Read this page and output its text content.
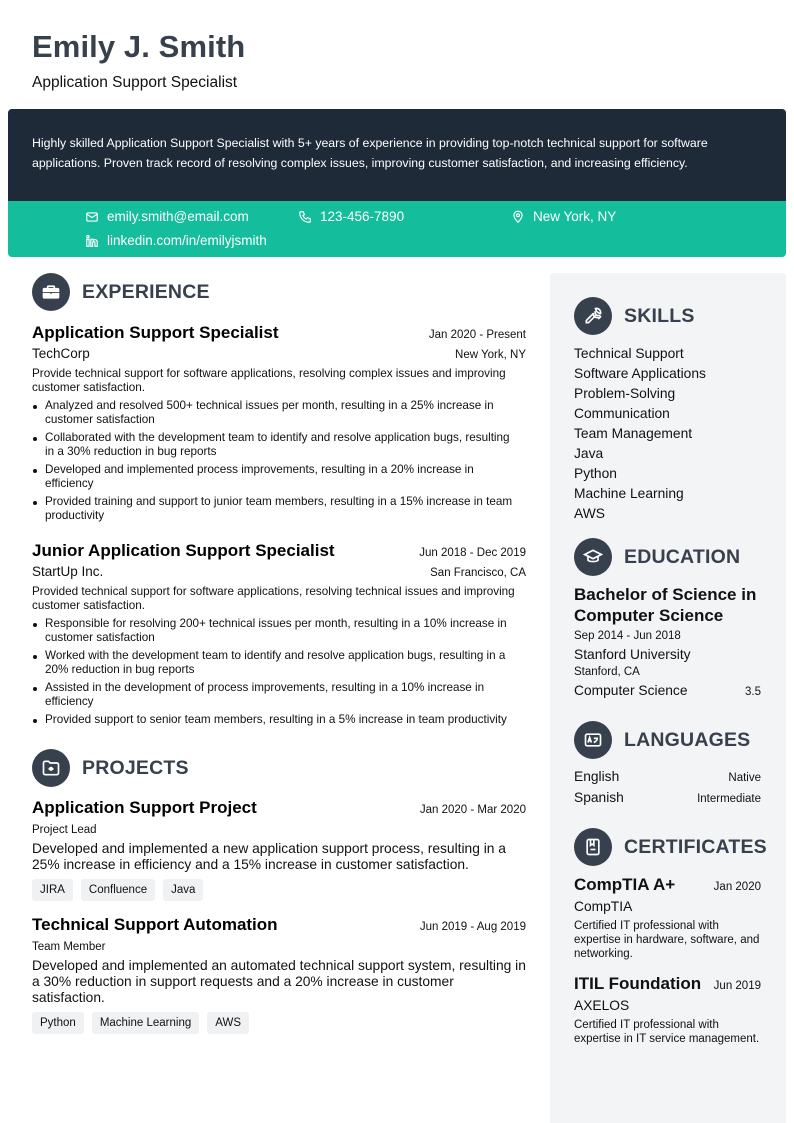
Emily J. Smith
Application Support Specialist
Highly skilled Application Support Specialist with 5+ years of experience in providing top-notch technical support for software applications. Proven track record of resolving complex issues, improving customer satisfaction, and increasing efficiency.
emily.smith@email.com	123-456-7890	New York, NY
linkedin.com/in/emilyjsmith
EXPERIENCE
Application Support Specialist	Jan 2020 - Present
TechCorp	New York, NY
Provide technical support for software applications, resolving complex issues and improving customer satisfaction.
Analyzed and resolved 500+ technical issues per month, resulting in a 25% increase in customer satisfaction
Collaborated with the development team to identify and resolve application bugs, resulting in a 30% reduction in bug reports
Developed and implemented process improvements, resulting in a 20% increase in efficiency
Provided training and support to junior team members, resulting in a 15% increase in team productivity
Junior Application Support Specialist	Jun 2018 - Dec 2019
StartUp Inc.	San Francisco, CA
Provided technical support for software applications, resolving technical issues and improving customer satisfaction.
Responsible for resolving 200+ technical issues per month, resulting in a 10% increase in customer satisfaction
Worked with the development team to identify and resolve application bugs, resulting in a 20% reduction in bug reports
Assisted in the development of process improvements, resulting in a 10% increase in efficiency
Provided support to senior team members, resulting in a 5% increase in team productivity
PROJECTS
Application Support Project	Jan 2020 - Mar 2020
Project Lead
Developed and implemented a new application support process, resulting in a 25% increase in efficiency and a 15% increase in customer satisfaction.
JIRA	Confluence	Java
Technical Support Automation	Jun 2019 - Aug 2019
Team Member
Developed and implemented an automated technical support system, resulting in a 30% reduction in support requests and a 20% increase in customer satisfaction.
Python	Machine Learning	AWS
SKILLS
Technical Support
Software Applications
Problem-Solving
Communication
Team Management
Java
Python
Machine Learning
AWS
EDUCATION
Bachelor of Science in Computer Science
Sep 2014 - Jun 2018
Stanford University
Stanford, CA
Computer Science	3.5
LANGUAGES
English	Native
Spanish	Intermediate
CERTIFICATES
CompTIA A+	Jan 2020
CompTIA
Certified IT professional with expertise in hardware, software, and networking.
ITIL Foundation Jun 2019
AXELOS
Certified IT professional with expertise in IT service management.
